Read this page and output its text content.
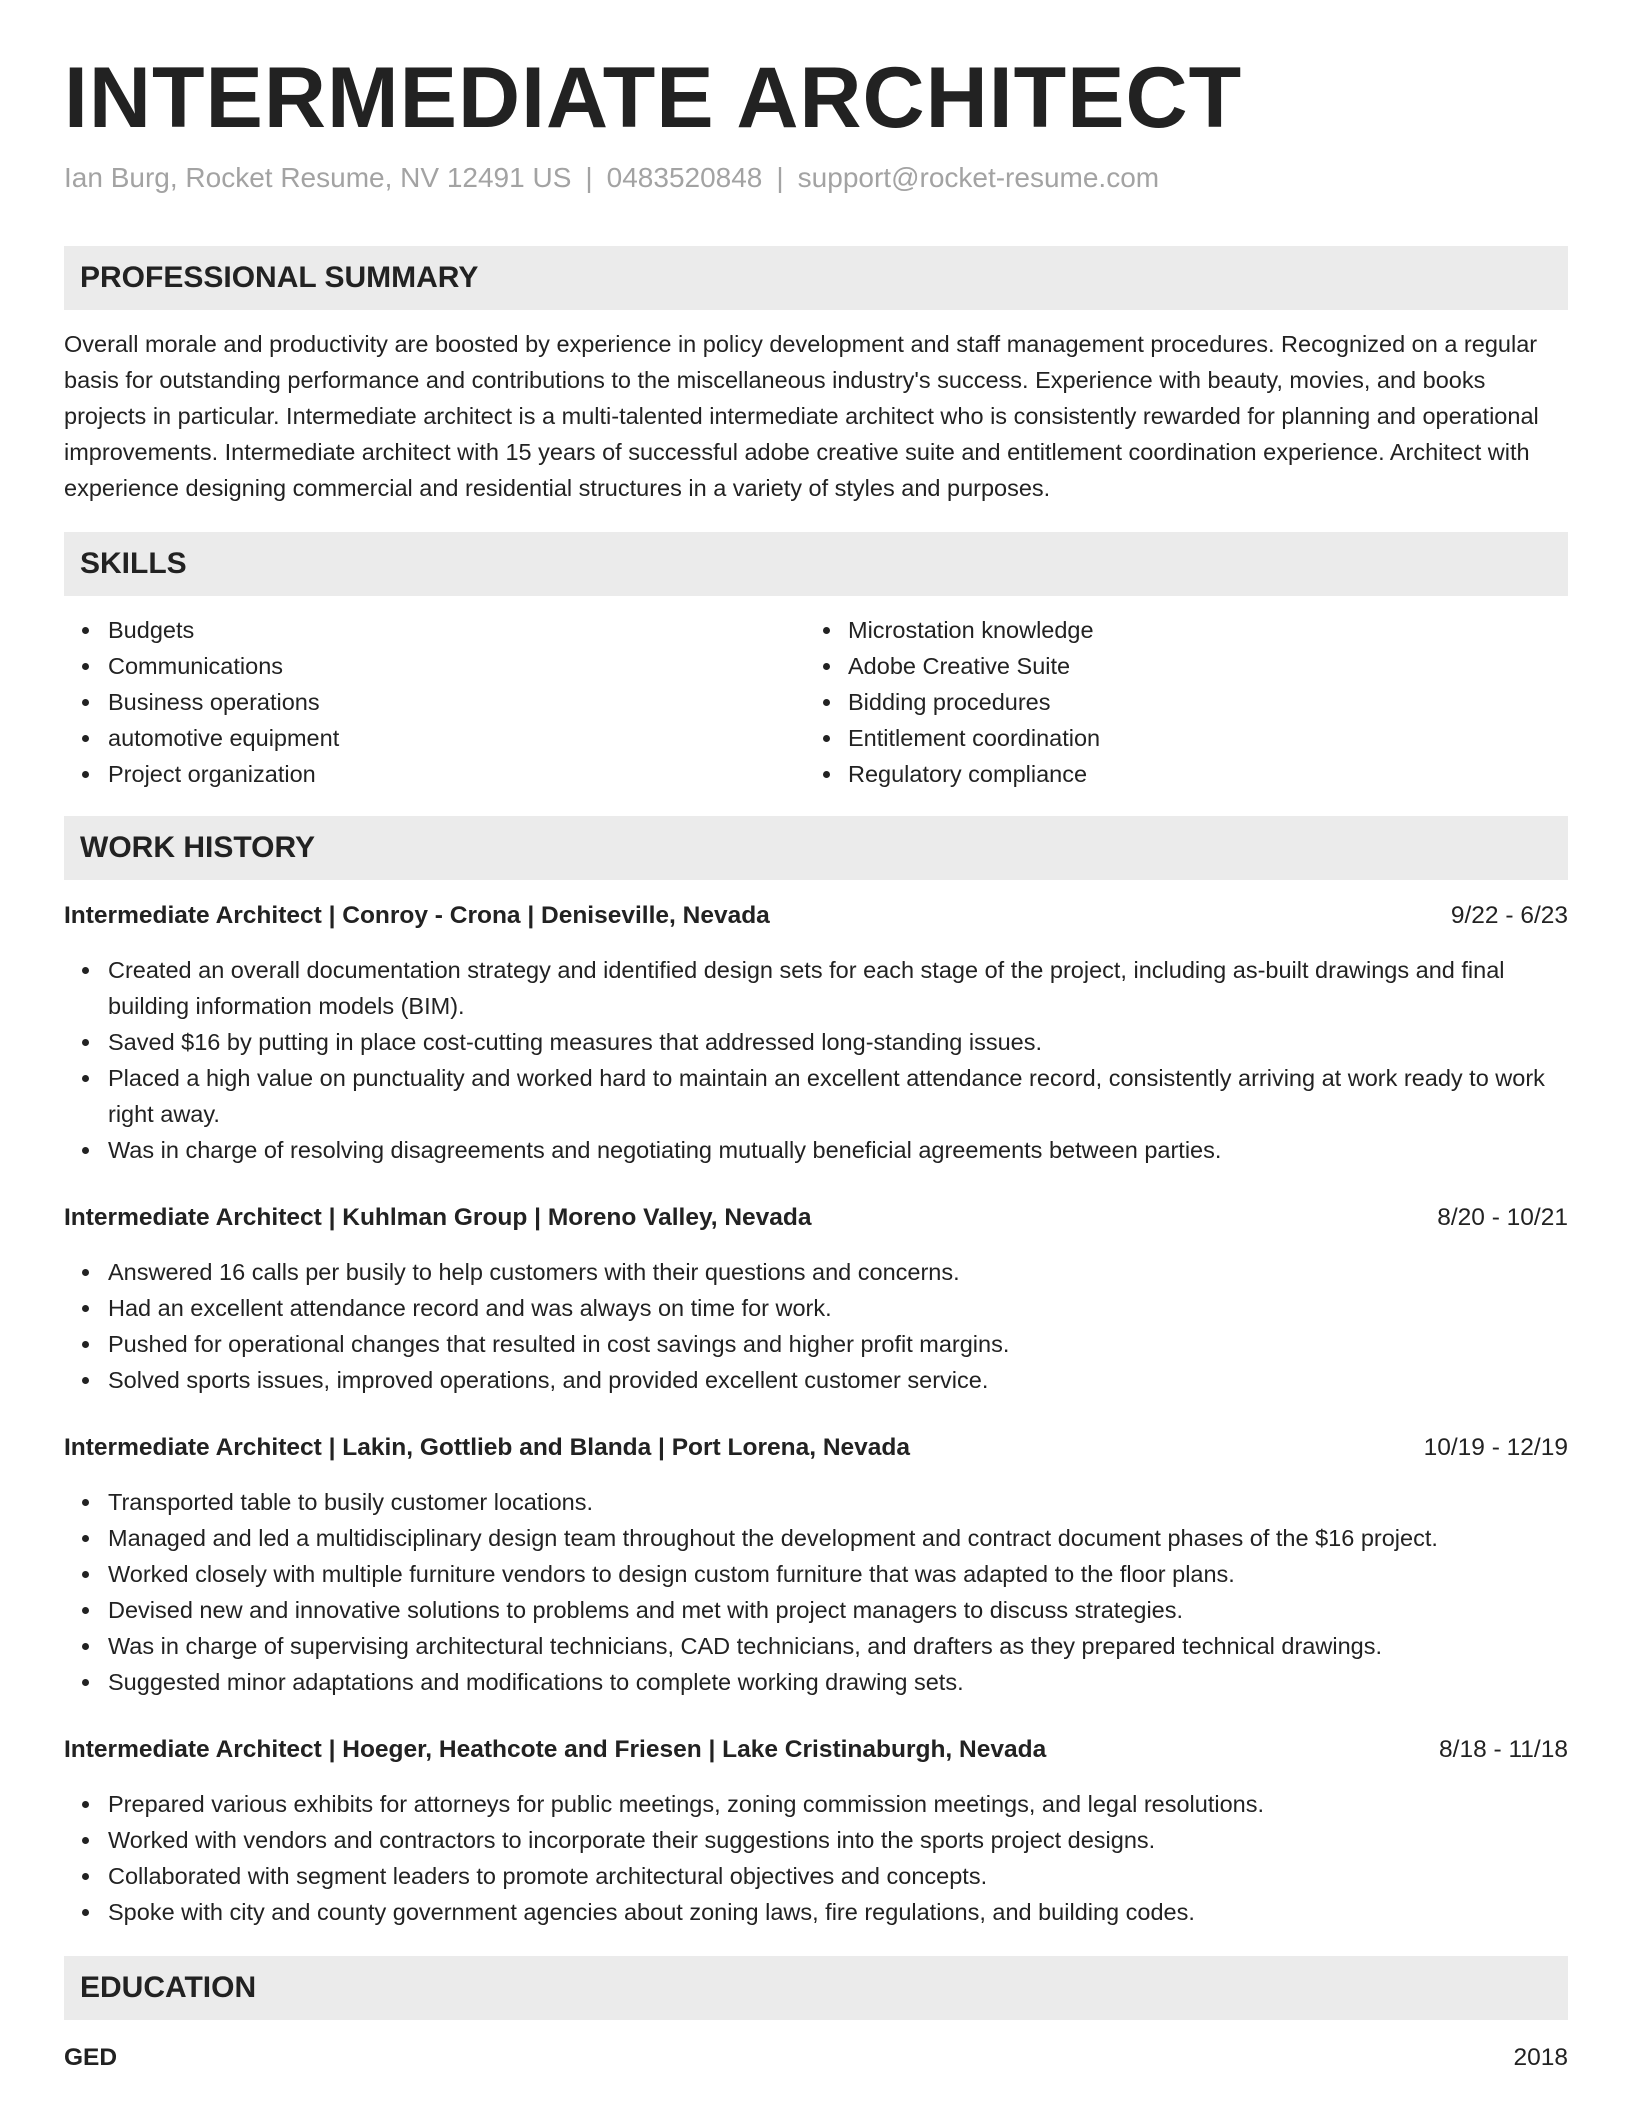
INTERMEDIATE ARCHITECT
Ian Burg, Rocket Resume, NV 12491 US | 0483520848 | support@rocket-resume.com
PROFESSIONAL SUMMARY

Overall morale and productivity are boosted by experience in policy development and staff management procedures. Recognized on a regular basis for outstanding performance and contributions to the miscellaneous industry's success. Experience with beauty, movies, and books projects in particular. Intermediate architect is a multi-talented intermediate architect who is consistently rewarded for planning and operational improvements. Intermediate architect with 15 years of successful adobe creative suite and entitlement coordination experience. Architect with experience designing commercial and residential structures in a variety of styles and purposes.

SKILLS
Budgets
Communications
Business operations
automotive equipment
Project organization
Microstation knowledge
Adobe Creative Suite
Bidding procedures
Entitlement coordination
Regulatory compliance
WORK HISTORY
Intermediate Architect | Conroy - Crona | Deniseville, Nevada	9/22 - 6/23
Created an overall documentation strategy and identified design sets for each stage of the project, including as-built drawings and final building information models (BIM).
Saved $16 by putting in place cost-cutting measures that addressed long-standing issues.
Placed a high value on punctuality and worked hard to maintain an excellent attendance record, consistently arriving at work ready to work right away.
Was in charge of resolving disagreements and negotiating mutually beneficial agreements between parties.
Intermediate Architect | Kuhlman Group | Moreno Valley, Nevada	8/20 - 10/21
Answered 16 calls per busily to help customers with their questions and concerns.
Had an excellent attendance record and was always on time for work.
Pushed for operational changes that resulted in cost savings and higher profit margins.
Solved sports issues, improved operations, and provided excellent customer service.
Intermediate Architect | Lakin, Gottlieb and Blanda | Port Lorena, Nevada	10/19 - 12/19
Transported table to busily customer locations.
Managed and led a multidisciplinary design team throughout the development and contract document phases of the $16 project.
Worked closely with multiple furniture vendors to design custom furniture that was adapted to the floor plans.
Devised new and innovative solutions to problems and met with project managers to discuss strategies.
Was in charge of supervising architectural technicians, CAD technicians, and drafters as they prepared technical drawings.
Suggested minor adaptations and modifications to complete working drawing sets.
Intermediate Architect | Hoeger, Heathcote and Friesen | Lake Cristinaburgh, Nevada	8/18 - 11/18
Prepared various exhibits for attorneys for public meetings, zoning commission meetings, and legal resolutions.
Worked with vendors and contractors to incorporate their suggestions into the sports project designs.
Collaborated with segment leaders to promote architectural objectives and concepts.
Spoke with city and county government agencies about zoning laws, fire regulations, and building codes.
EDUCATION
GED	2018
